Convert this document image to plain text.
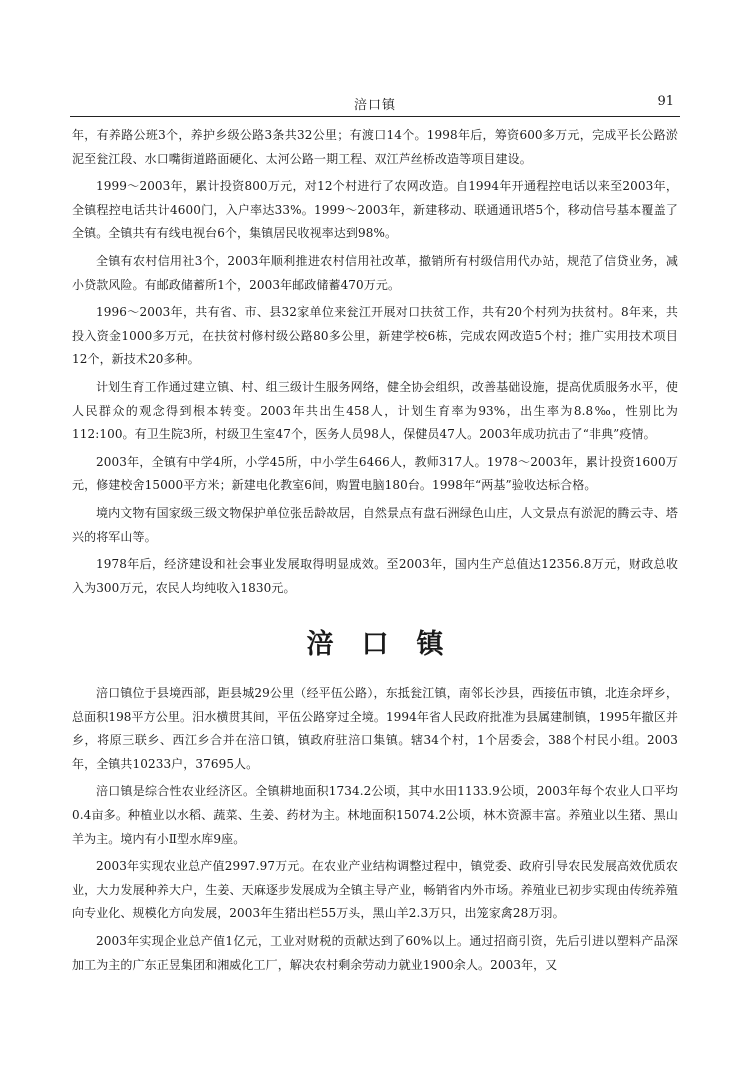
涪口镇	91

年，有养路公班3个，养护乡级公路3条共32公里；有渡口14个。1998年后，筹资600多万元，完成平长公路淤泥至瓮江段、水口嘴街道路面硬化、太河公路一期工程、双江芦丝桥改造等项目建设。

1999～2003年，累计投资800万元，对12个村进行了农网改造。自1994年开通程控电话以来至2003年，全镇程控电话共计4600门，入户率达33%。1999～2003年，新建移动、联通通讯塔5个，移动信号基本覆盖了全镇。全镇共有有线电视台6个，集镇居民收视率达到98%。

全镇有农村信用社3个，2003年顺利推进农村信用社改革，撤销所有村级信用代办站，规范了信贷业务，减小贷款风险。有邮政储蓄所1个，2003年邮政储蓄470万元。

1996～2003年，共有省、市、县32家单位来瓮江开展对口扶贫工作，共有20个村列为扶贫村。8年来，共投入资金1000多万元，在扶贫村修村级公路80多公里，新建学校6栋，完成农网改造5个村；推广实用技术项目12个，新技术20多种。

计划生育工作通过建立镇、村、组三级计生服务网络，健全协会组织，改善基础设施，提高优质服务水平，使人民群众的观念得到根本转变。2003年共出生458人，计划生育率为93%，出生率为8.8‰，性别比为112:100。有卫生院3所，村级卫生室47个，医务人员98人，保健员47人。2003年成功抗击了“非典”疫情。

2003年，全镇有中学4所，小学45所，中小学生6466人，教师317人。1978～2003年，累计投资1600万元，修建校舍15000平方米；新建电化教室6间，购置电脑180台。1998年“两基”验收达标合格。

境内文物有国家级三级文物保护单位张岳龄故居，自然景点有盘石洲绿色山庄，人文景点有淤泥的腾云寺、塔兴的将军山等。

1978年后，经济建设和社会事业发展取得明显成效。至2003年，国内生产总值达12356.8万元，财政总收入为300万元，农民人均纯收入1830元。

涪口镇

涪口镇位于县境西部，距县城29公里（经平伍公路），东抵瓮江镇，南邻长沙县，西接伍市镇，北连余坪乡，总面积198平方公里。汨水横贯其间，平伍公路穿过全境。1994年省人民政府批准为县属建制镇，1995年撤区并乡，将原三联乡、西江乡合并在涪口镇，镇政府驻涪口集镇。辖34个村，1个居委会，388个村民小组。2003年，全镇共10233户，37695人。

涪口镇是综合性农业经济区。全镇耕地面积1734.2公顷，其中水田1133.9公顷，2003年每个农业人口平均0.4亩多。种植业以水稻、蔬菜、生姜、药材为主。林地面积15074.2公顷，林木资源丰富。养殖业以生猪、黑山羊为主。境内有小Ⅱ型水库9座。

2003年实现农业总产值2997.97万元。在农业产业结构调整过程中，镇党委、政府引导农民发展高效优质农业，大力发展种养大户，生姜、天麻逐步发展成为全镇主导产业，畅销省内外市场。养殖业已初步实现由传统养殖向专业化、规模化方向发展，2003年生猪出栏55万头，黑山羊2.3万只，出笼家禽28万羽。

2003年实现企业总产值1亿元，工业对财税的贡献达到了60%以上。通过招商引资，先后引进以塑料产品深加工为主的广东正昱集团和湘威化工厂，解决农村剩余劳动力就业1900余人。2003年，又
